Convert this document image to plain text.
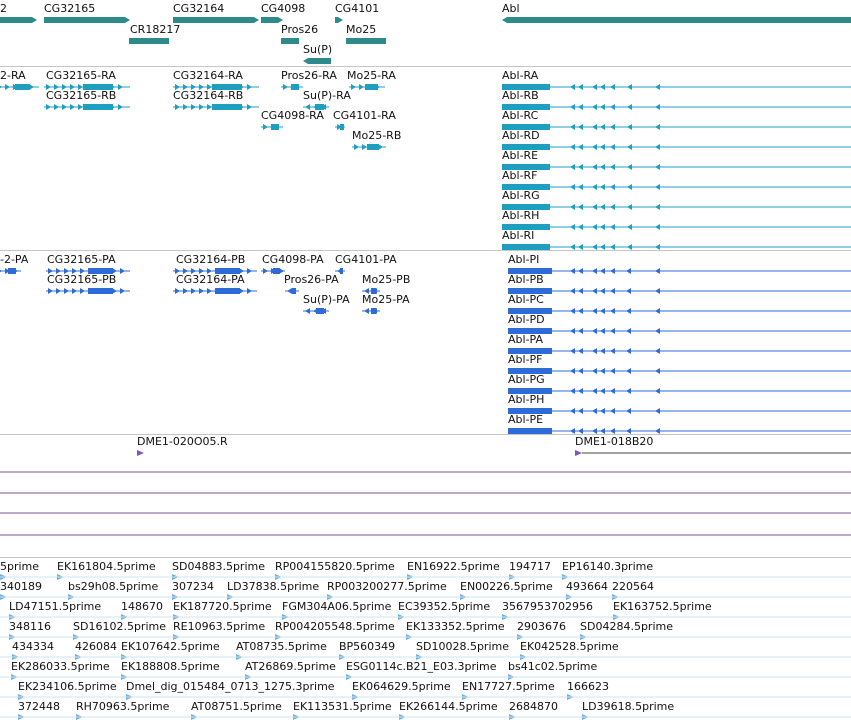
2	CG32165
CR18217
CG32164	CG4098
Pros26
Su(P)
CG4101
Mo25
Abl
2-RA CG32165-RA
CG32165-RB
CG32164-RA
CG32164-RB
Pros26-RA Mo25-RA
Su(P)-RA
CG4098-RA CG4101-RA
Mo25-RB
Abl-RA
Abl-RB
Abl-RC
Abl-RD
Abl-RE
Abl-RF
Abl-RG
Abl-RH
Abl-RI
-2-PA CG32165-PA
CG32165-PB
CG32164-PB
CG32164-PA
CG4098-PA CG4101-PA
Pros26-PA Mo25-PB
Su(P)-PA Mo25-PA
Abl-PI
Abl-PB
Abl-PC
Abl-PD
Abl-PA
Abl-PF
Abl-PG
Abl-PH
Abl-PE
DME1-020O05.R	DME1-018B20
5prime EK161804.5prime SD04883.5prime RP004155820.5prime EN16922.5prime 194717 EP16140.3prime
340189 bs29h08.5prime 307234 LD37838.5prime RP003200277.5prime EN00226.5prime 493664 220564
LD47151.5prime 148670 EK187720.5prime FGM304A06.5prime EC39352.5prime 3567953702956 EK163752.5prime
348116 SD16102.5prime RE10963.5prime RP004205548.5prime EK133352.5prime 2903676 SD04284.5prime
434334 426084 EK107642.5prime AT08735.5prime BP560349 SD10028.5prime EK042528.5prime
EK286033.5prime EK188808.5prime AT26869.5prime ESG0114c.B21_E03.3prime bs41c02.5prime
EK234106.5prime Dmel_dig_015484_0713_1275.3prime EK064629.5prime EN17727.5prime 166623
372448 RH70963.5prime AT08751.5prime EK113531.5prime EK266144.5prime 2684870 LD39618.5prime
